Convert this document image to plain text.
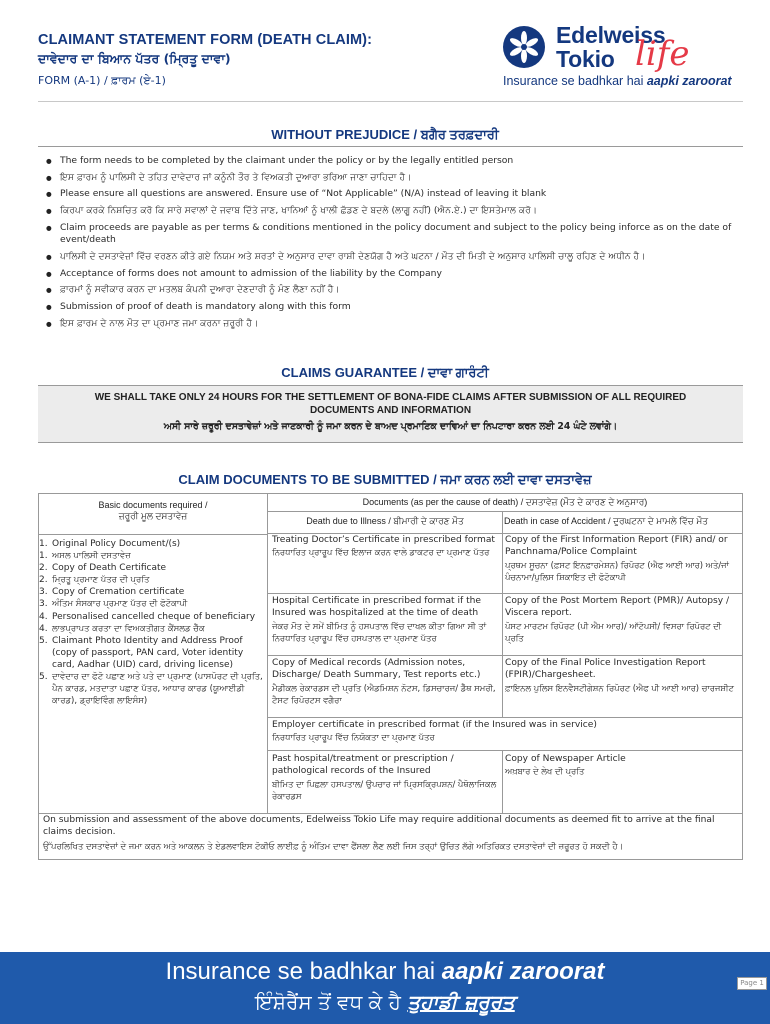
CLAIMANT STATEMENT FORM (DEATH CLAIM):
ਦਾਵੇਦਾਰ ਦਾ ਬਿਆਨ ਪੱਤਰ (ਮ੍ਰਿਤੂ ਦਾਵਾ)
FORM (A-1) / ਫ਼ਾਰਮ (ਏ-1)
Edelweiss
Tokio life
Insurance se badhkar hai aapki zaroorat
WITHOUT PREJUDICE / ਬਗੈਰ ਤਰਫ਼ਦਾਰੀ
● The form needs to be completed by the claimant under the policy or by the legally entitled person
● ਇਸ ਫ਼ਾਰਮ ਨੂੰ ਪਾਲਿਸੀ ਦੇ ਤਹਿਤ ਦਾਵੇਦਾਰ ਜਾਂ ਕਨੂੰਨੀ ਤੌਰ ਤੇ ਵਿਅਕਤੀ ਦੁਆਰਾ ਭਰਿਆ ਜਾਣਾ ਚਾਹਿਦਾ ਹੈ।
● Please ensure all questions are answered. Ensure use of “Not Applicable” (N/A) instead of leaving it blank
● ਕਿਰਪਾ ਕਰਕੇ ਨਿਸ਼ਚਿਤ ਕਰੋ ਕਿ ਸਾਰੇ ਸਵਾਲਾਂ ਦੇ ਜਵਾਬ ਦਿੱਤੇ ਜਾਣ, ਖਾਨਿਆਂ ਨੂੰ ਖਾਲੀ ਛੱਡਣ ਦੇ ਬਦਲੇ (ਲਾਗੂ ਨਹੀਂ) (ਐਨ.ਏ.) ਦਾ ਇਸਤੇਮਾਲ ਕਰੋ।
● Claim proceeds are payable as per terms & conditions mentioned in the policy document and subject to the policy being inforce as on the date of event/death
● ਪਾਲਿਸੀ ਦੇ ਦਸਤਾਵੇਜ਼ਾਂ ਵਿੱਚ ਵਰਣਨ ਕੀਤੇ ਗਏ ਨਿਯਮ ਅਤੇ ਸ਼ਰਤਾਂ ਦੇ ਅਨੁਸਾਰ ਦਾਵਾ ਰਾਸ਼ੀ ਦੇਣਯੋਗ ਹੈ ਅਤੇ ਘਟਨਾ / ਮੌਤ ਦੀ ਮਿਤੀ ਦੇ ਅਨੁਸਾਰ ਪਾਲਿਸੀ ਚਾਲੂ ਰਹਿਣ ਦੇ ਅਧੀਨ ਹੈ।
● Acceptance of forms does not amount to admission of the liability by the Company
● ਫ਼ਾਰਮਾਂ ਨੂੰ ਸਵੀਕਾਰ ਕਰਨ ਦਾ ਮਤਲਬ ਕੰਪਨੀ ਦੁਆਰਾ ਦੇਣਦਾਰੀ ਨੂੰ ਮੰਣ ਲੈਣਾ ਨਹੀਂ ਹੈ।
● Submission of proof of death is mandatory along with this form
● ਇਸ ਫ਼ਾਰਮ ਦੇ ਨਾਲ ਮੌਤ ਦਾ ਪ੍ਰਮਾਣ ਜਮਾ ਕਰਨਾ ਜ਼ਰੂਰੀ ਹੈ।
CLAIMS GUARANTEE / ਦਾਵਾ ਗਾਰੰਟੀ
WE SHALL TAKE ONLY 24 HOURS FOR THE SETTLEMENT OF BONA-FIDE CLAIMS AFTER SUBMISSION OF ALL REQUIRED
DOCUMENTS AND INFORMATION
ਅਸੀ ਸਾਰੇ ਜ਼ਰੂਰੀ ਦਸਤਾਵੇਜ਼ਾਂ ਅਤੇ ਜਾਣਕਾਰੀ ਨੂੰ ਜਮਾ ਕਰਨ ਦੇ ਬਾਅਦ ਪ੍ਰਮਾਣਿਕ ਦਾਵਿਆਂ ਦਾ ਨਿਪਟਾਰਾ ਕਰਨ ਲਈ 24 ਘੰਟੇ ਲਵਾਂਗੇ।
CLAIM DOCUMENTS TO BE SUBMITTED / ਜਮਾ ਕਰਨ ਲਈ ਦਾਵਾ ਦਸਤਾਵੇਜ਼
Basic documents required /
ਜ਼ਰੂਰੀ ਮੂਲ ਦਸਤਾਵੇਜ਼
Documents (as per the cause of death) / ਦਸਤਾਵੇਜ਼ (ਮੌਤ ਦੇ ਕਾਰਣ ਦੇ ਅਨੁਸਾਰ)
Death due to Illness / ਬੀਮਾਰੀ ਦੇ ਕਾਰਣ ਮੌਤ	Death in case of Accident / ਦੁਰਘਟਨਾ ਦੇ ਮਾਮਲੇ ਵਿੱਚ ਮੌਤ
1. Original Policy Document/(s)
1. ਅਸਲ ਪਾਲਿਸੀ ਦਸਤਾਵੇਜ਼
2. Copy of Death Certificate
2. ਮ੍ਰਿਤੂ ਪ੍ਰਮਾਣ ਪੱਤਰ ਦੀ ਪ੍ਰਤਿ
3. Copy of Cremation certificate
3. ਅੰਤਿਮ ਸੰਸਕਾਰ ਪ੍ਰਮਾਣ ਪੱਤਰ ਦੀ ਫੋਟੋਕਾਪੀ
4. Personalised cancelled cheque of beneficiary
4. ਲਾਭਪ੍ਰਾਪਤ ਕਰਤਾ ਦਾ ਵਿਅਕਤੀਗਤ ਕੈਂਸਲਡ ਚੈੱਕ
5. Claimant Photo Identity and Address Proof (copy of passport, PAN card, Voter identity card, Aadhar (UID) card, driving license)
5. ਦਾਵੇਦਾਰ ਦਾ ਫੋਟੋ ਪਛਾਣ ਅਤੇ ਪਤੇ ਦਾ ਪ੍ਰਮਾਣ (ਪਾਸਪੋਰਟ ਦੀ ਪ੍ਰਤਿ, ਪੈਨ ਕਾਰਡ, ਮਤਦਾਤਾ ਪਛਾਣ ਪੱਤਰ, ਆਧਾਰ ਕਾਰਡ (ਯੂਆਈਡੀ ਕਾਰਡ), ਡ੍ਰਾਇਵਿੰਗ ਲਾਇਸੰਸ)
Treating Doctor’s Certificate in prescribed format
ਨਿਰਧਾਰਿਤ ਪ੍ਰਾਰੂਪ ਵਿੱਚ ਇਲਾਜ ਕਰਨ ਵਾਲੇ ਡਾਕਟਰ ਦਾ ਪ੍ਰਮਾਣ ਪੱਤਰ
Hospital Certificate in prescribed format if the Insured was hospitalized at the time of death
ਜੇਕਰ ਮੌਤ ਦੇ ਸਮੇਂ ਬੀਮਿਤ ਨੂੰ ਹਸਪਤਾਲ ਵਿੱਚ ਦਾਖਲ ਕੀਤਾ ਗਿਆ ਸੀ ਤਾਂ ਨਿਰਧਾਰਿਤ ਪ੍ਰਾਰੂਪ ਵਿੱਚ ਹਸਪਤਾਲ ਦਾ ਪ੍ਰਮਾਣ ਪੱਤਰ
Copy of Medical records (Admission notes, Discharge/ Death Summary, Test reports etc.)
ਮੈਡੀਕਲ ਰੇਕਾਰਡਸ ਦੀ ਪ੍ਰਤਿ (ਐਡਮਿਸ਼ਨ ਨੋਟਸ, ਡਿਸਚਾਰਜ/ ਡੈੱਥ ਸਮਰੀ, ਟੈਸਟ ਰਿਪੋਰਟਸ ਵਗੈਰਾ
Copy of the First Information Report (FIR) and/ or Panchnama/Police Complaint
ਪ੍ਰਥਮ ਸੂਚਨਾ (ਫ਼ਸਟ ਇਨਫ਼ਾਰਮੇਸ਼ਨ) ਰਿਪੋਰਟ (ਐਫ ਆਈ ਆਰ) ਅਤੇ/ਜਾਂ ਪੰਚਨਾਮਾ/ਪੁਲਿਸ ਸ਼ਿਕਾਇਤ ਦੀ ਫੋਟੋਕਾਪੀ
Copy of the Post Mortem Report (PMR)/ Autopsy / Viscera report.
ਪੋਸਟ ਮਾਰਟਮ ਰਿਪੋਰਟ (ਪੀ ਐਮ ਆਰ)/ ਆੱਟੋਪਸੀ/ ਵਿਸਰਾ ਰਿਪੋਰਟ ਦੀ ਪ੍ਰਤਿ
Copy of the Final Police Investigation Report (FPIR)/Chargesheet.
ਫ਼ਾਇਨਲ ਪੁਲਿਸ ਇਨਵੈਸਟੀਗੇਸ਼ਨ ਰਿਪੋਰਟ (ਐਫ ਪੀ ਆਈ ਆਰ) ਚਾਰਜਸ਼ੀਟ
Employer certificate in prescribed format (if the Insured was in service)
ਨਿਰਧਾਰਿਤ ਪ੍ਰਾਰੂਪ ਵਿੱਚ ਨਿਯੋਕਤਾ ਦਾ ਪ੍ਰਮਾਣ ਪੱਤਰ
Past hospital/treatment or prescription / pathological records of the Insured
ਬੀਮਿਤ ਦਾ ਪਿਛਲਾ ਹਸਪਤਾਲ/ ਉਪਚਾਰ ਜਾਂ ਪ੍ਰਿਸਕ੍ਰਿਪਸ਼ਨ/ ਪੈਥੋਲਾਜਿਕਲ ਰੇਕਾਰਡਸ
Copy of Newspaper Article
ਅਖ਼ਬਾਰ ਦੇ ਲੇਖ ਦੀ ਪ੍ਰਤਿ
On submission and assessment of the above documents, Edelweiss Tokio Life may require additional documents as deemed fit to arrive at the final claims decision.
ਉੱਪਰਲਿਖਿਤ ਦਸਤਾਵੇਜ਼ਾਂ ਦੇ ਜਮਾ ਕਰਨ ਅਤੇ ਆਕਲਨ ਤੇ ਏਡਲਵਾਇਸ ਟੋਕੀਓ ਲਾਈਫ਼ ਨੂੰ ਅੰਤਿਮ ਦਾਵਾ ਫੈਂਸਲਾ ਲੈਣ ਲਈ ਜਿਸ ਤਰ੍ਹਾਂ ਉਚਿਤ ਲੱਗੇ ਅਤਿਰਿਕਤ ਦਸਤਾਵੇਜ਼ਾਂ ਦੀ ਜ਼ਰੂਰਤ ਹੋ ਸਕਦੀ ਹੈ।
Insurance se badhkar hai aapki zaroorat
ਇੰਸ਼ੋਰੈਂਸ ਤੋਂ ਵਧ ਕੇ ਹੈ ਤੁਹਾਡੀ ਜ਼ਰੂਰਤ
Page 1
